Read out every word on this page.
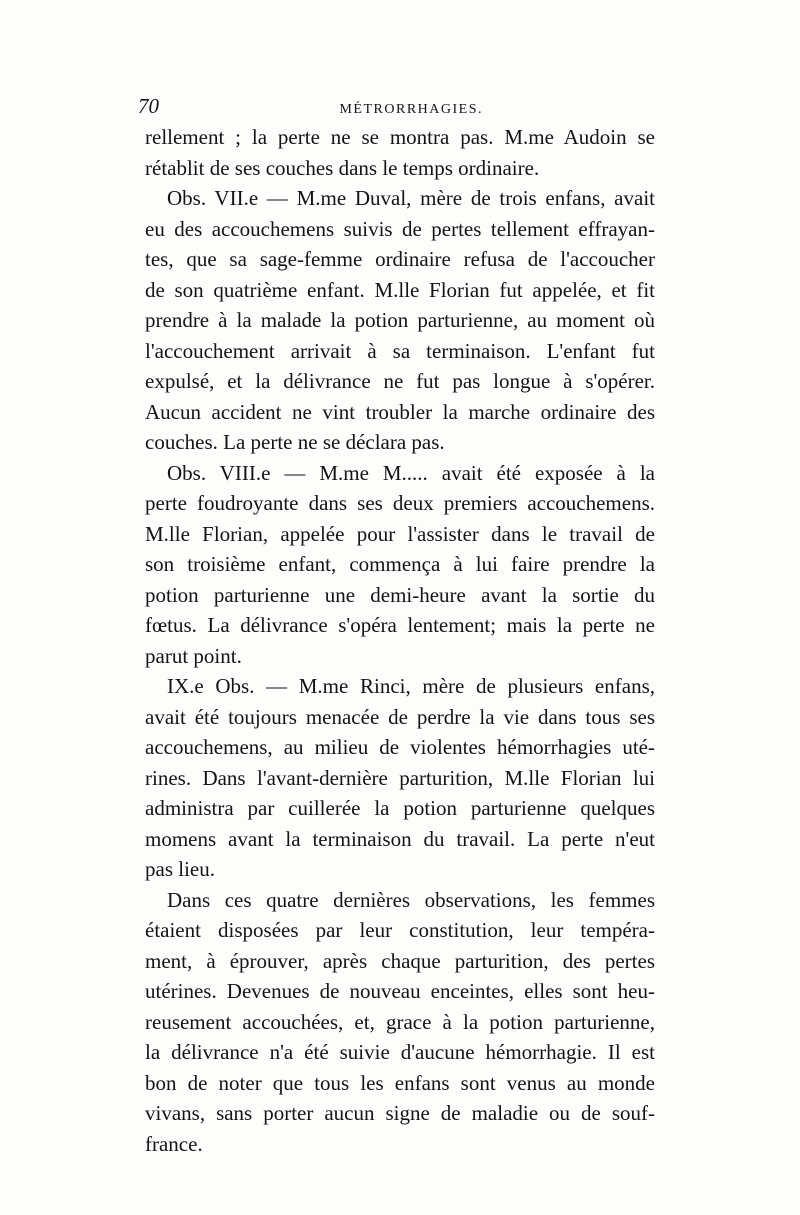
70	MÉTRORRHAGIES.
rellement ; la perte ne se montra pas. M.me Audoin se
rétablit de ses couches dans le temps ordinaire.
Obs. VII.e — M.me Duval, mère de trois enfans, avait
eu des accouchemens suivis de pertes tellement effrayan-
tes, que sa sage-femme ordinaire refusa de l'accoucher
de son quatrième enfant. M.lle Florian fut appelée, et fit
prendre à la malade la potion parturienne, au moment où
l'accouchement arrivait à sa terminaison. L'enfant fut
expulsé, et la délivrance ne fut pas longue à s'opérer.
Aucun accident ne vint troubler la marche ordinaire des
couches. La perte ne se déclara pas.
Obs. VIII.e — M.me M..... avait été exposée à la
perte foudroyante dans ses deux premiers accouchemens.
M.lle Florian, appelée pour l'assister dans le travail de
son troisième enfant, commença à lui faire prendre la
potion parturienne une demi-heure avant la sortie du
fœtus. La délivrance s'opéra lentement; mais la perte ne
parut point.
IX.e Obs. — M.me Rinci, mère de plusieurs enfans,
avait été toujours menacée de perdre la vie dans tous ses
accouchemens, au milieu de violentes hémorrhagies uté-
rines. Dans l'avant-dernière parturition, M.lle Florian lui
administra par cuillerée la potion parturienne quelques
momens avant la terminaison du travail. La perte n'eut
pas lieu.
Dans ces quatre dernières observations, les femmes
étaient disposées par leur constitution, leur tempéra-
ment, à éprouver, après chaque parturition, des pertes
utérines. Devenues de nouveau enceintes, elles sont heu-
reusement accouchées, et, grace à la potion parturienne,
la délivrance n'a été suivie d'aucune hémorrhagie. Il est
bon de noter que tous les enfans sont venus au monde
vivans, sans porter aucun signe de maladie ou de souf-
france.
